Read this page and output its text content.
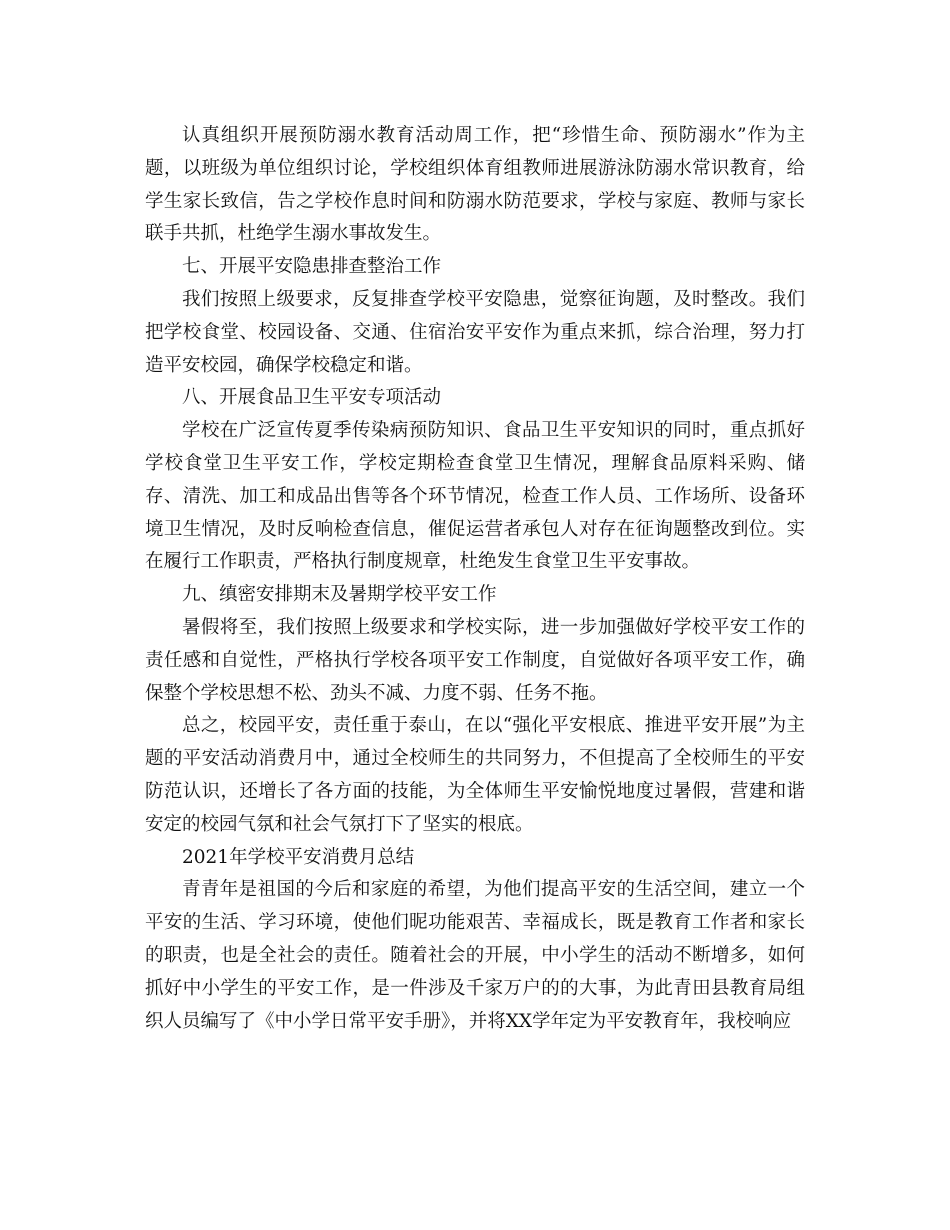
认真组织开展预防溺水教育活动周工作，把“珍惜生命、预防溺水”作为主题，以班级为单位组织讨论，学校组织体育组教师进展游泳防溺水常识教育，给学生家长致信，告之学校作息时间和防溺水防范要求，学校与家庭、教师与家长联手共抓，杜绝学生溺水事故发生。

七、开展平安隐患排查整治工作

我们按照上级要求，反复排查学校平安隐患，觉察征询题，及时整改。我们把学校食堂、校园设备、交通、住宿治安平安作为重点来抓，综合治理，努力打造平安校园，确保学校稳定和谐。

八、开展食品卫生平安专项活动

学校在广泛宣传夏季传染病预防知识、食品卫生平安知识的同时，重点抓好学校食堂卫生平安工作，学校定期检查食堂卫生情况，理解食品原料采购、储存、清洗、加工和成品出售等各个环节情况，检查工作人员、工作场所、设备环境卫生情况，及时反响检查信息，催促运营者承包人对存在征询题整改到位。实在履行工作职责，严格执行制度规章，杜绝发生食堂卫生平安事故。

九、缜密安排期末及暑期学校平安工作

暑假将至，我们按照上级要求和学校实际，进一步加强做好学校平安工作的责任感和自觉性，严格执行学校各项平安工作制度，自觉做好各项平安工作，确保整个学校思想不松、劲头不减、力度不弱、任务不拖。

总之，校园平安，责任重于泰山，在以“强化平安根底、推进平安开展”为主题的平安活动消费月中，通过全校师生的共同努力，不但提高了全校师生的平安防范认识，还增长了各方面的技能，为全体师生平安愉悦地度过暑假，营建和谐安定的校园气氛和社会气氛打下了坚实的根底。

2021年学校平安消费月总结

青青年是祖国的今后和家庭的希望，为他们提高平安的生活空间，建立一个平安的生活、学习环境，使他们昵功能艰苦、幸福成长，既是教育工作者和家长的职责，也是全社会的责任。随着社会的开展，中小学生的活动不断增多，如何抓好中小学生的平安工作，是一件涉及千家万户的的大事，为此青田县教育局组织人员编写了《中小学日常平安手册》，并将XX学年定为平安教育年，我校响应
